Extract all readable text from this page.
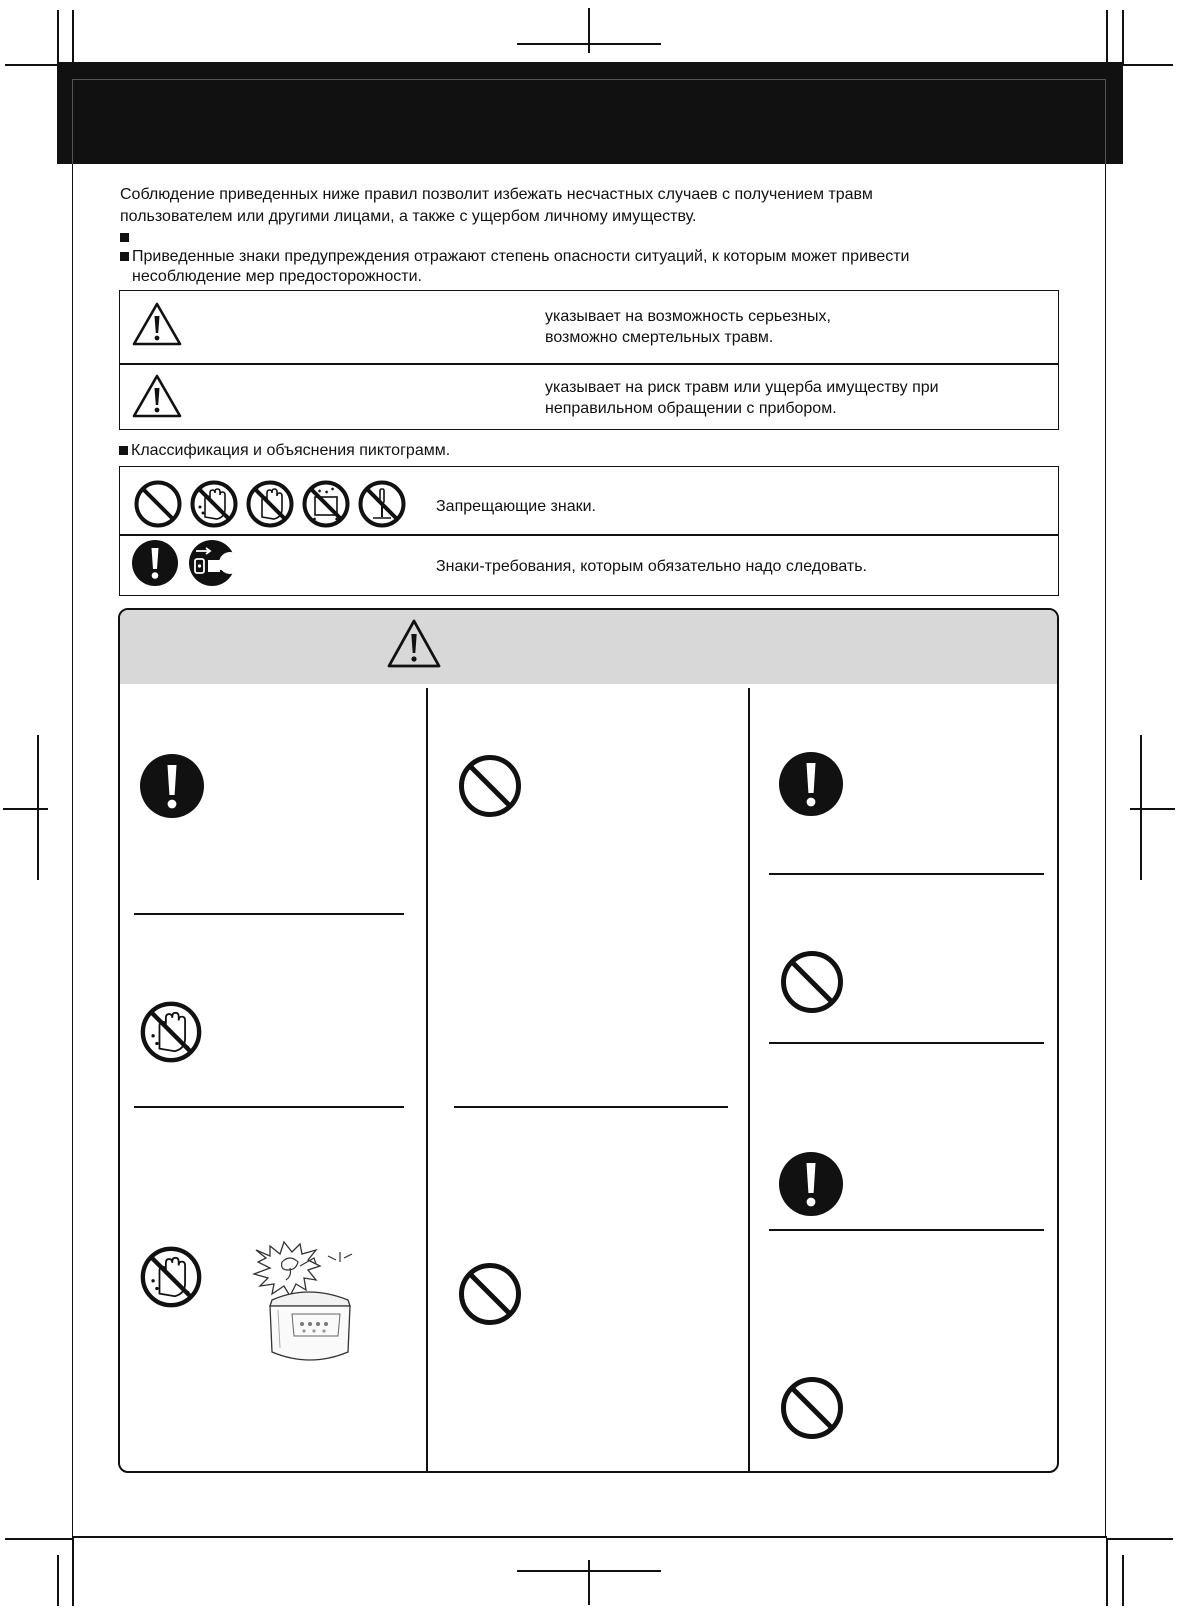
Соблюдение приведенных ниже правил позволит избежать несчастных случаев с получением травм
пользователем или другими лицами, а также с ущербом личному имуществу.
Приведенные знаки предупреждения отражают степень опасности ситуаций, к которым может привести
несоблюдение мер предосторожности.
указывает на возможность серьезных,
возможно смертельных травм.
указывает на риск травм или ущерба имуществу при
неправильном обращении с прибором.
Классификация и объяснения пиктограмм.
Запрещающие знаки.
Знаки-требования, которым обязательно надо следовать.
